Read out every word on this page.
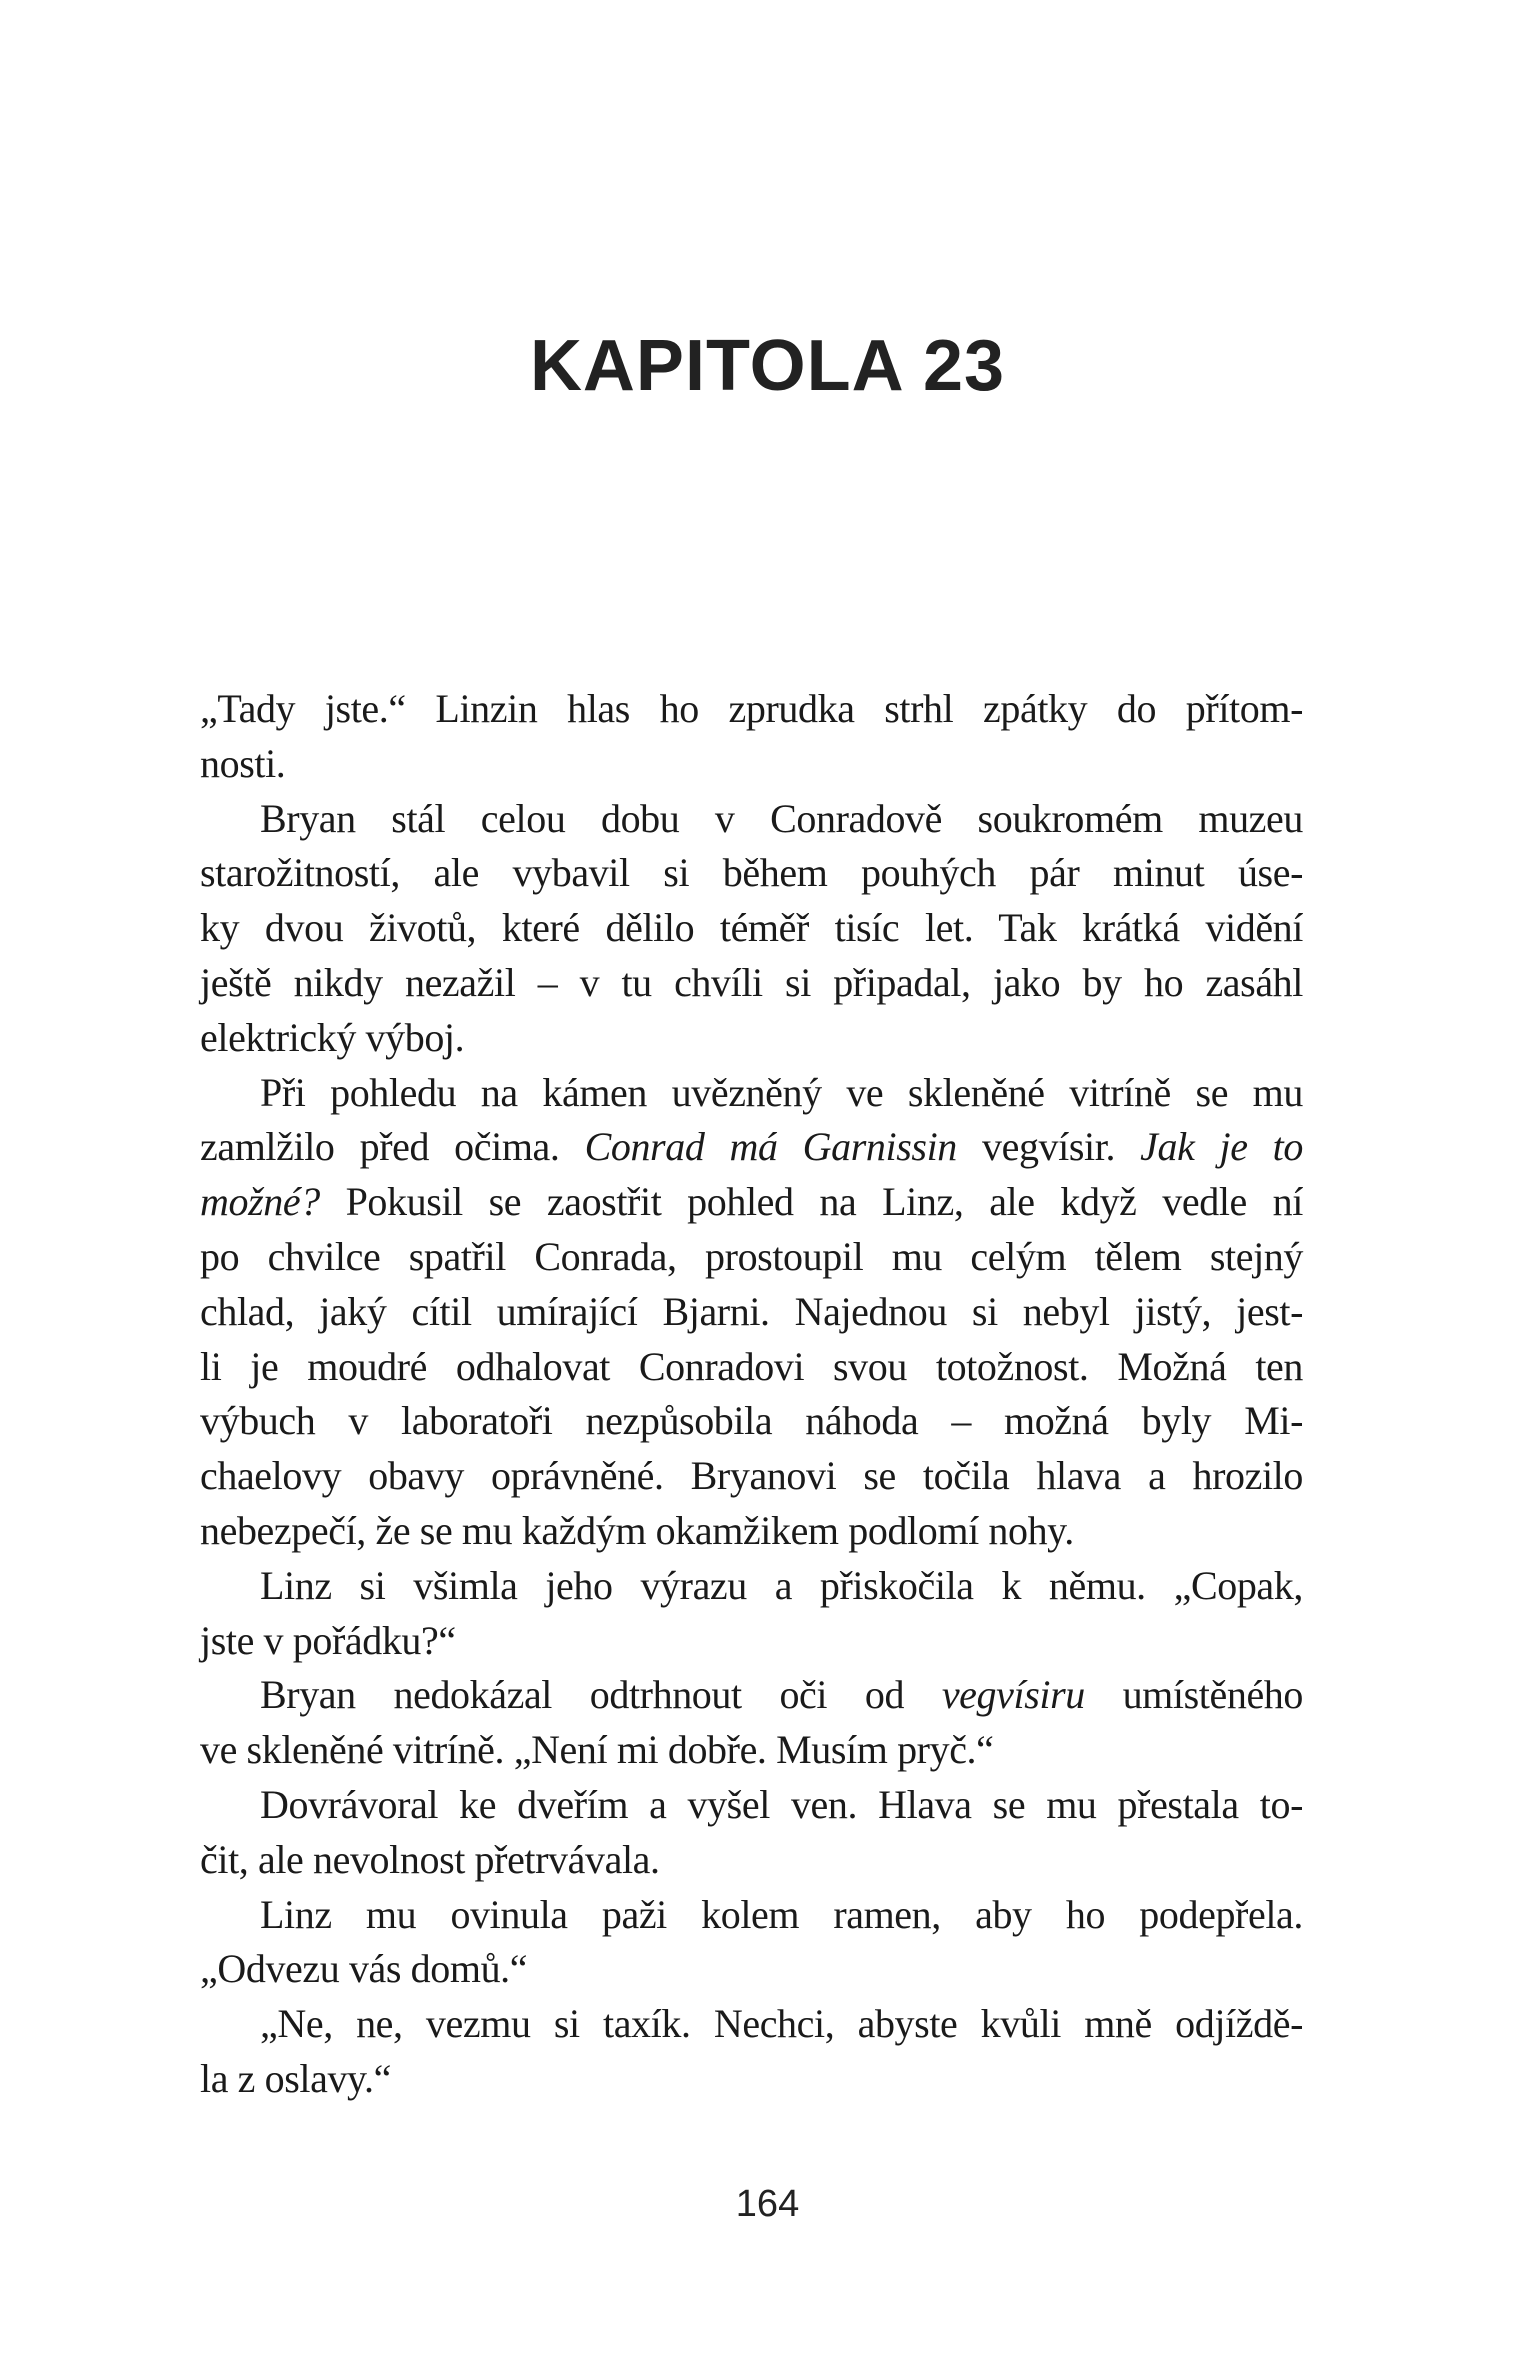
KAPITOLA 23
„Tady jste.“ Linzin hlas ho zprudka strhl zpátky do přítom-
nosti.
Bryan stál celou dobu v Conradově soukromém muzeu
starožitností, ale vybavil si během pouhých pár minut úse-
ky dvou životů, které dělilo téměř tisíc let. Tak krátká vidění
ještě nikdy nezažil – v tu chvíli si připadal, jako by ho zasáhl
elektrický výboj.
Při pohledu na kámen uvězněný ve skleněné vitríně se mu
zamlžilo před očima. Conrad má Garnissin vegvísir. Jak je to
možné? Pokusil se zaostřit pohled na Linz, ale když vedle ní
po chvilce spatřil Conrada, prostoupil mu celým tělem stejný
chlad, jaký cítil umírající Bjarni. Najednou si nebyl jistý, jest-
li je moudré odhalovat Conradovi svou totožnost. Možná ten
výbuch v laboratoři nezpůsobila náhoda – možná byly Mi-
chaelovy obavy oprávněné. Bryanovi se točila hlava a hrozilo
nebezpečí, že se mu každým okamžikem podlomí nohy.
Linz si všimla jeho výrazu a přiskočila k němu. „Copak,
jste v pořádku?“
Bryan nedokázal odtrhnout oči od vegvísiru umístěného
ve skleněné vitríně. „Není mi dobře. Musím pryč.“
Dovrávoral ke dveřím a vyšel ven. Hlava se mu přestala to-
čit, ale nevolnost přetrvávala.
Linz mu ovinula paži kolem ramen, aby ho podepřela.
„Odvezu vás domů.“
„Ne, ne, vezmu si taxík. Nechci, abyste kvůli mně odjíždě-
la z oslavy.“
164
